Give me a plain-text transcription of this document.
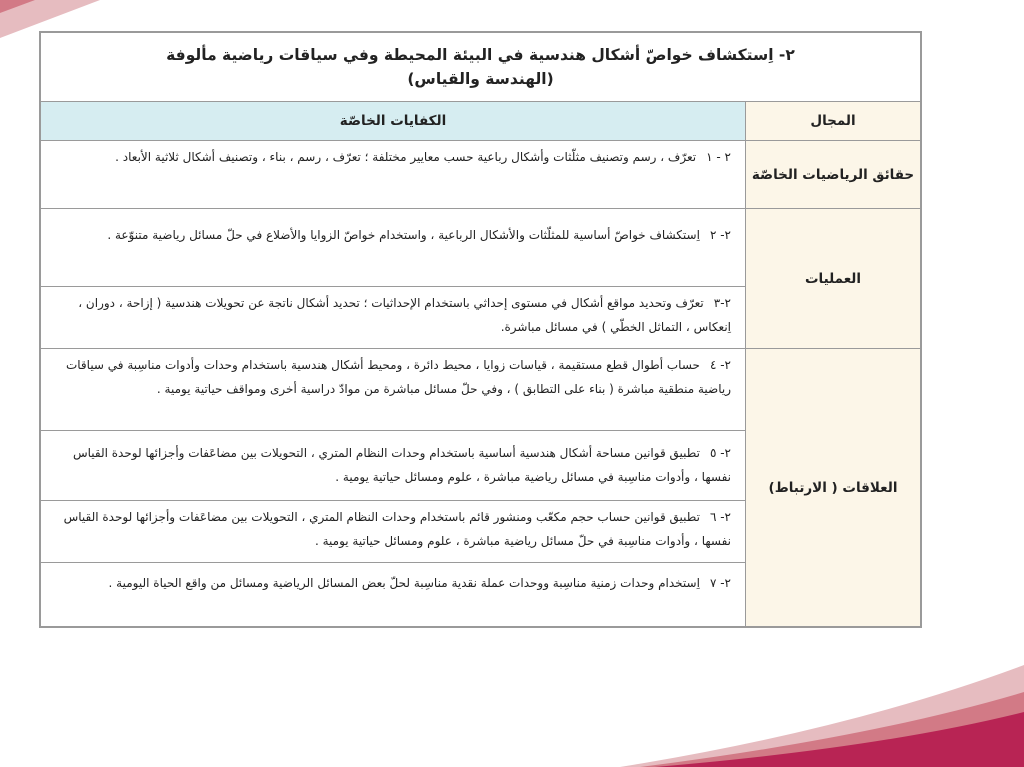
٢- اِستكشاف خواصّ أشكال هندسية في البيئة المحيطة وفي سياقات رياضية مألوفة
(الهندسة والقياس)	

المجال	الكفايات الخاصّة
حقائق الرياضيات الخاصّة	٢ - ١تعرّف ، رسم وتصنيف مثلّثات وأشكال رباعية حسب معايير مختلفة ؛ تعرّف ، رسم ، بناء ، وتصنيف أشكال ثلاثية الأبعاد .
العمليات	٢- ٢اِستكشاف خواصّ أساسية للمثلّثات والأشكال الرباعية ، واستخدام خواصّ الزوايا والأضلاع في حلّ مسائل رياضية متنوّعة .
	٢-٣تعرّف وتحديد مواقع أشكال في مستوى إحداثي باستخدام الإحداثيات ؛ تحديد أشكال ناتجة عن تحويلات هندسية ( إزاحة ، دوران ، اِنعكاس ، التماثل الخطّي ) في مسائل مباشرة.
العلاقات ( الارتباط)	٢- ٤حساب أطوال قطع مستقيمة ، قياسات زوايا ، محيط دائرة ، ومحيط أشكال هندسية باستخدام وحدات وأدوات مناسِبة في سياقات رياضية منطقية مباشرة ( بناء على التطابق ) ، وفي حلّ مسائل مباشرة من موادّ دراسية أخرى ومواقف حياتية يومية .
	٢- ٥تطبيق قوانين مساحة أشكال هندسية أساسية باستخدام وحدات النظام المتري ، التحويلات بين مضاعَفات وأجزائها لوحدة القياس نفسها ، وأدوات مناسِبة في مسائل رياضية مباشرة ، علوم ومسائل حياتية يومية .
	٢- ٦تطبيق قوانين حساب حجم مكعّب ومنشور قائم باستخدام وحدات النظام المتري ، التحويلات بين مضاعَفات وأجزائها لوحدة القياس نفسها ، وأدوات مناسِبة في حلّ مسائل رياضية مباشرة ، علوم ومسائل حياتية يومية .
	٢- ٧اِستخدام وحدات زمنية مناسِبة ووحدات عملة نقدية مناسِبة لحلّ بعض المسائل الرياضية ومسائل من واقع الحياة اليومية .
